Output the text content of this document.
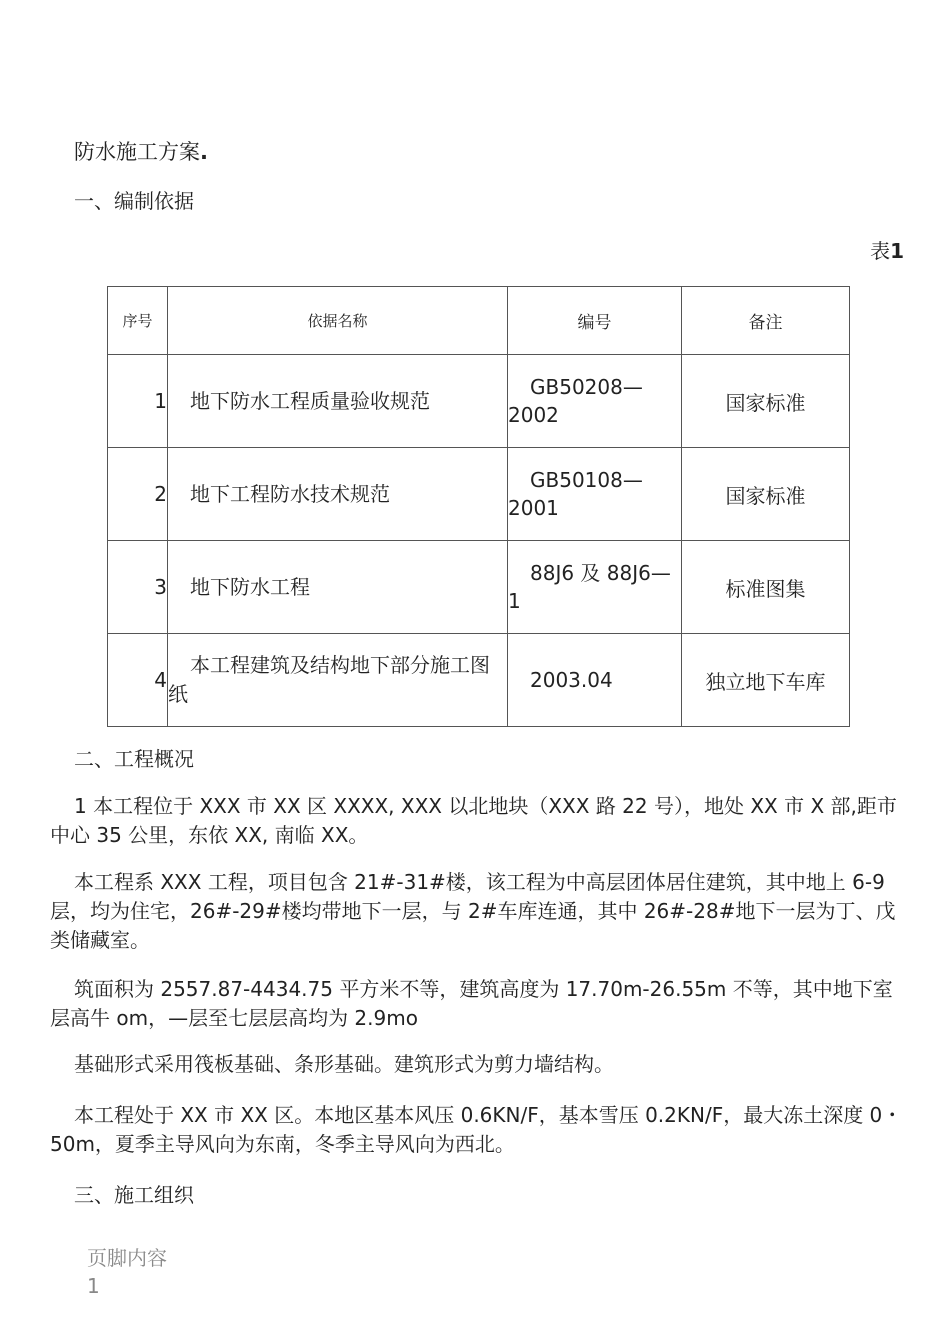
防水施工方案.
一、编制依据
表1
序号	依据名称	编号	备注
1	地下防水工程质量验收规范	GB50208—2002	国家标准
2	地下工程防水技术规范	GB50108—2001	国家标准
3	地下防水工程	88J6 及 88J6—1	标准图集
4	本工程建筑及结构地下部分施工图纸	2003.04	独立地下车库
二、工程概况
1 本工程位于 XXX 市 XX 区 XXXX, XXX 以北地块（XXX 路 22 号），地处 XX 市 X 部,距市中心 35 公里，东依 XX, 南临 XX。
本工程系 XXX 工程，项目包含 21#-31#楼，该工程为中高层团体居住建筑，其中地上 6-9 层，均为住宅，26#-29#楼均带地下一层，与 2#车库连通，其中 26#-28#地下一层为丁、戊类储藏室。
筑面积为 2557.87-4434.75 平方米不等，建筑高度为 17.70m-26.55m 不等，其中地下室层高牛 om，—层至七层层高均为 2.9mo
基础形式采用筏板基础、条形基础。建筑形式为剪力墙结构。
本工程处于 XX 市 XX 区。本地区基本风压 0.6KN/F，基本雪压 0.2KN/F，最大冻土深度 0・50m，夏季主导风向为东南，冬季主导风向为西北。
三、施工组织
页脚内容1
